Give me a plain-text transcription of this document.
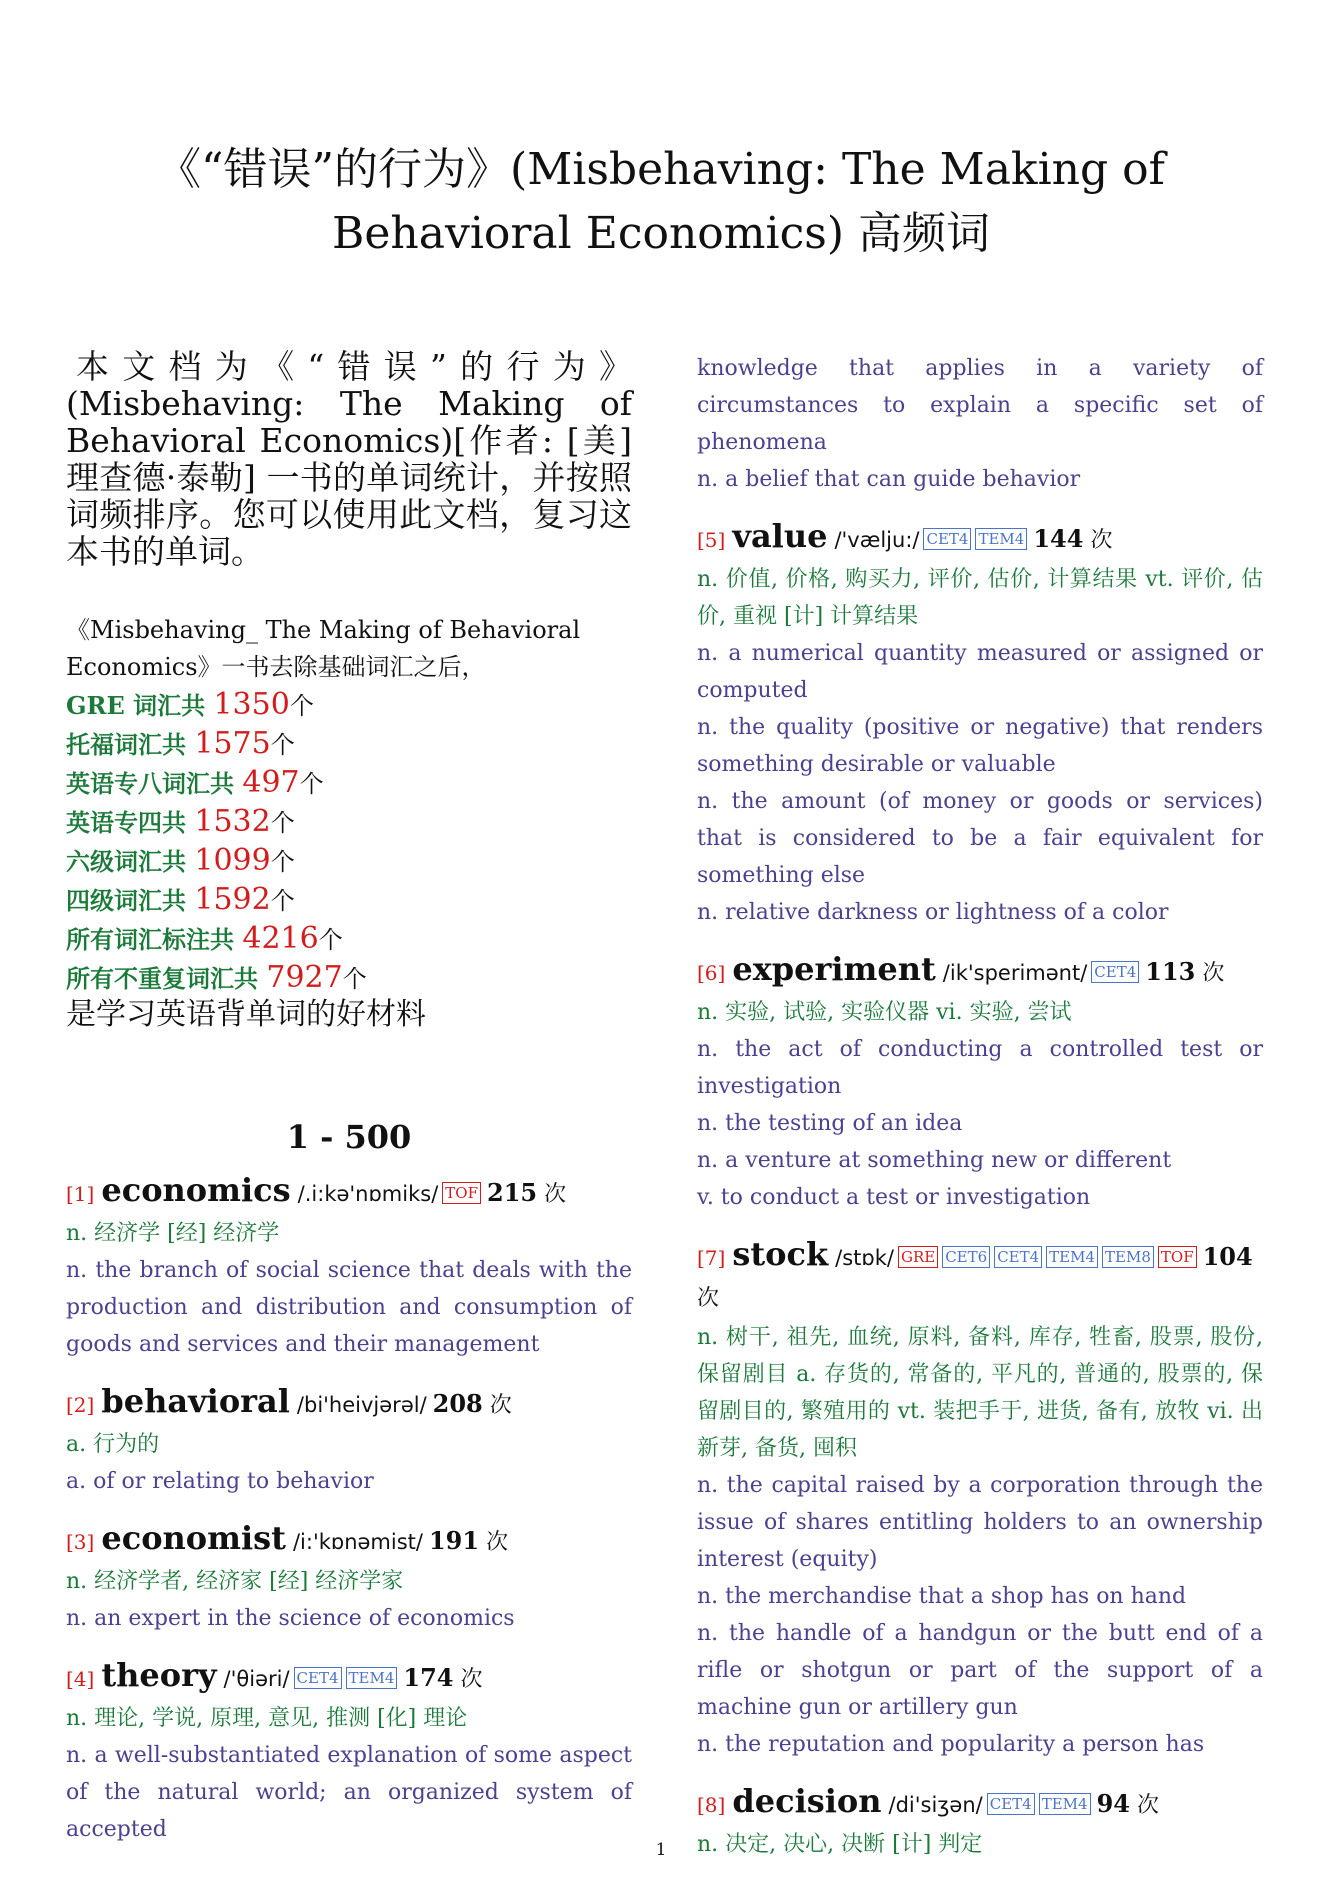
《“错误”的行为》(Misbehaving: The Making of Behavioral Economics) 高频词
本文档为《“错误”的行为》(Misbehaving: The Making of Behavioral Economics)[作者: [美] 理查德·泰勒] 一书的单词统计，并按照词频排序。您可以使用此文档，复习这本书的单词。
《Misbehaving_ The Making of Behavioral Economics》一书去除基础词汇之后，
GRE 词汇共 1350个
托福词汇共 1575个
英语专八词汇共 497个
英语专四共 1532个
六级词汇共 1099个
四级词汇共 1592个
所有词汇标注共 4216个
所有不重复词汇共 7927个
是学习英语背单词的好材料
1 - 500
[1] economics /.i:kə'nɒmiks/ TOF 215 次
n. 经济学 [经] 经济学
n. the branch of social science that deals with the production and distribution and consumption of goods and services and their management
[2] behavioral /bi'heivjərəl/ 208 次
a. 行为的
a. of or relating to behavior
[3] economist /i:'kɒnəmist/ 191 次
n. 经济学者, 经济家 [经] 经济学家
n. an expert in the science of economics
[4] theory /'θiəri/ CET4 TEM4 174 次
n. 理论, 学说, 原理, 意见, 推测 [化] 理论
n. a well-substantiated explanation of some aspect of the natural world; an organized system of accepted
knowledge that applies in a variety of circumstances to explain a specific set of phenomena
n. a belief that can guide behavior
[5] value /'vælju:/ CET4 TEM4 144 次
n. 价值, 价格, 购买力, 评价, 估价, 计算结果 vt. 评价, 估价, 重视 [计] 计算结果
n. a numerical quantity measured or assigned or computed
n. the quality (positive or negative) that renders something desirable or valuable
n. the amount (of money or goods or services) that is considered to be a fair equivalent for something else
n. relative darkness or lightness of a color
[6] experiment /ik'sperimənt/ CET4 113 次
n. 实验, 试验, 实验仪器 vi. 实验, 尝试
n. the act of conducting a controlled test or investigation
n. the testing of an idea
n. a venture at something new or different
v. to conduct a test or investigation
[7] stock /stɒk/ GRE CET6 CET4 TEM4 TEM8 TOF 104 次
n. 树干, 祖先, 血统, 原料, 备料, 库存, 牲畜, 股票, 股份, 保留剧目 a. 存货的, 常备的, 平凡的, 普通的, 股票的, 保留剧目的, 繁殖用的 vt. 装把手于, 进货, 备有, 放牧 vi. 出新芽, 备货, 囤积
n. the capital raised by a corporation through the issue of shares entitling holders to an ownership interest (equity)
n. the merchandise that a shop has on hand
n. the handle of a handgun or the butt end of a rifle or shotgun or part of the support of a machine gun or artillery gun
n. the reputation and popularity a person has
[8] decision /di'siʒən/ CET4 TEM4 94 次
n. 决定, 决心, 决断 [计] 判定
1
